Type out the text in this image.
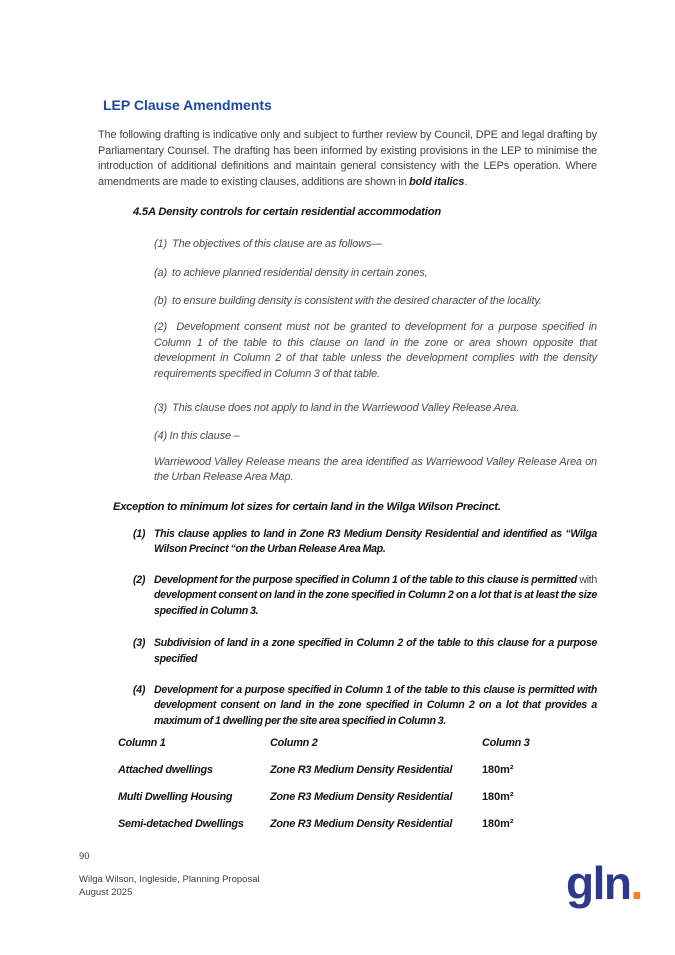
LEP Clause Amendments

The following drafting is indicative only and subject to further review by Council, DPE and legal drafting by Parliamentary Counsel. The drafting has been informed by existing provisions in the LEP to minimise the introduction of additional definitions and maintain general consistency with the LEPs operation. Where amendments are made to existing clauses, additions are shown in bold italics.

4.5A Density controls for certain residential accommodation

(1)  The objectives of this clause are as follows—

(a)  to achieve planned residential density in certain zones,

(b)  to ensure building density is consistent with the desired character of the locality.

(2)  Development consent must not be granted to development for a purpose specified in Column 1 of the table to this clause on land in the zone or area shown opposite that development in Column 2 of that table unless the development complies with the density requirements specified in Column 3 of that table.

(3)  This clause does not apply to land in the Warriewood Valley Release Area.

(4) In this clause –

Warriewood Valley Release means the area identified as Warriewood Valley Release Area on the Urban Release Area Map.

Exception to minimum lot sizes for certain land in the Wilga Wilson Precinct.
(1) This clause applies to land in Zone R3 Medium Density Residential and identified as “Wilga Wilson Precinct “on the Urban Release Area Map.
(2) Development for the purpose specified in Column 1 of the table to this clause is permitted with development consent on land in the zone specified in Column 2 on a lot that is at least the size specified in Column 3.
(3) Subdivision of land in a zone specified in Column 2 of the table to this clause for a purpose specified
(4) Development for a purpose specified in Column 1 of the table to this clause is permitted with development consent on land in the zone specified in Column 2 on a lot that provides a maximum of 1 dwelling per the site area specified in Column 3.
Column 1	Column 2	Column 3
Attached dwellings	Zone R3 Medium Density Residential	180m²
Multi Dwelling Housing	Zone R3 Medium Density Residential	180m²
Semi-detached Dwellings	Zone R3 Medium Density Residential	180m²
90
Wilga Wilson, Ingleside, Planning Proposal
August 2025	gln.
